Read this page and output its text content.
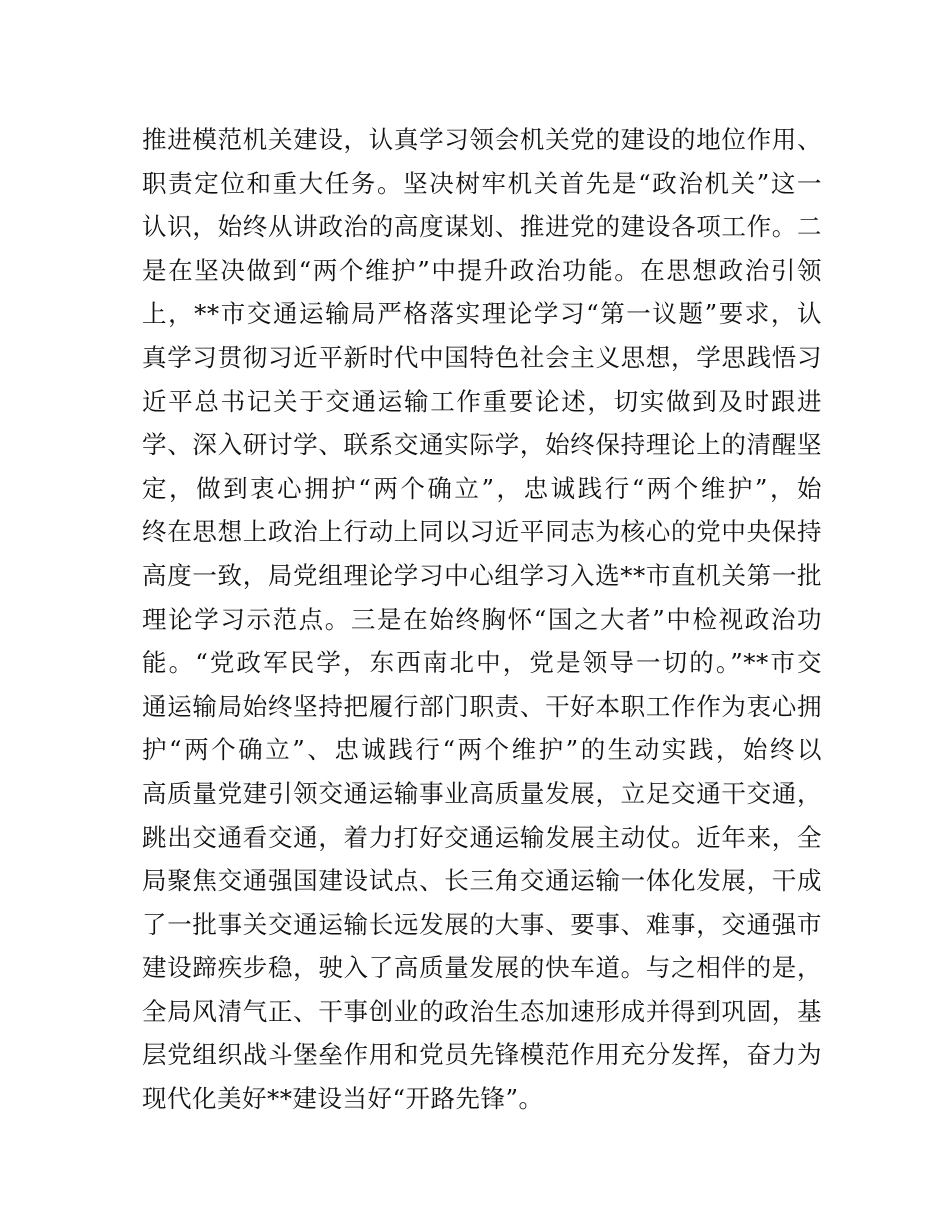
推进模范机关建设，认真学习领会机关党的建设的地位作用、
职责定位和重大任务。坚决树牢机关首先是“政治机关”这一
认识，始终从讲政治的高度谋划、推进党的建设各项工作。二
是在坚决做到“两个维护”中提升政治功能。在思想政治引领
上，**市交通运输局严格落实理论学习“第一议题”要求，认
真学习贯彻习近平新时代中国特色社会主义思想，学思践悟习
近平总书记关于交通运输工作重要论述，切实做到及时跟进
学、深入研讨学、联系交通实际学，始终保持理论上的清醒坚
定，做到衷心拥护“两个确立”，忠诚践行“两个维护”，始
终在思想上政治上行动上同以习近平同志为核心的党中央保持
高度一致，局党组理论学习中心组学习入选**市直机关第一批
理论学习示范点。三是在始终胸怀“国之大者”中检视政治功
能。“党政军民学，东西南北中，党是领导一切的。”**市交
通运输局始终坚持把履行部门职责、干好本职工作作为衷心拥
护“两个确立”、忠诚践行“两个维护”的生动实践，始终以
高质量党建引领交通运输事业高质量发展，立足交通干交通，
跳出交通看交通，着力打好交通运输发展主动仗。近年来，全
局聚焦交通强国建设试点、长三角交通运输一体化发展，干成
了一批事关交通运输长远发展的大事、要事、难事，交通强市
建设蹄疾步稳，驶入了高质量发展的快车道。与之相伴的是，
全局风清气正、干事创业的政治生态加速形成并得到巩固，基
层党组织战斗堡垒作用和党员先锋模范作用充分发挥，奋力为
现代化美好**建设当好“开路先锋”。
